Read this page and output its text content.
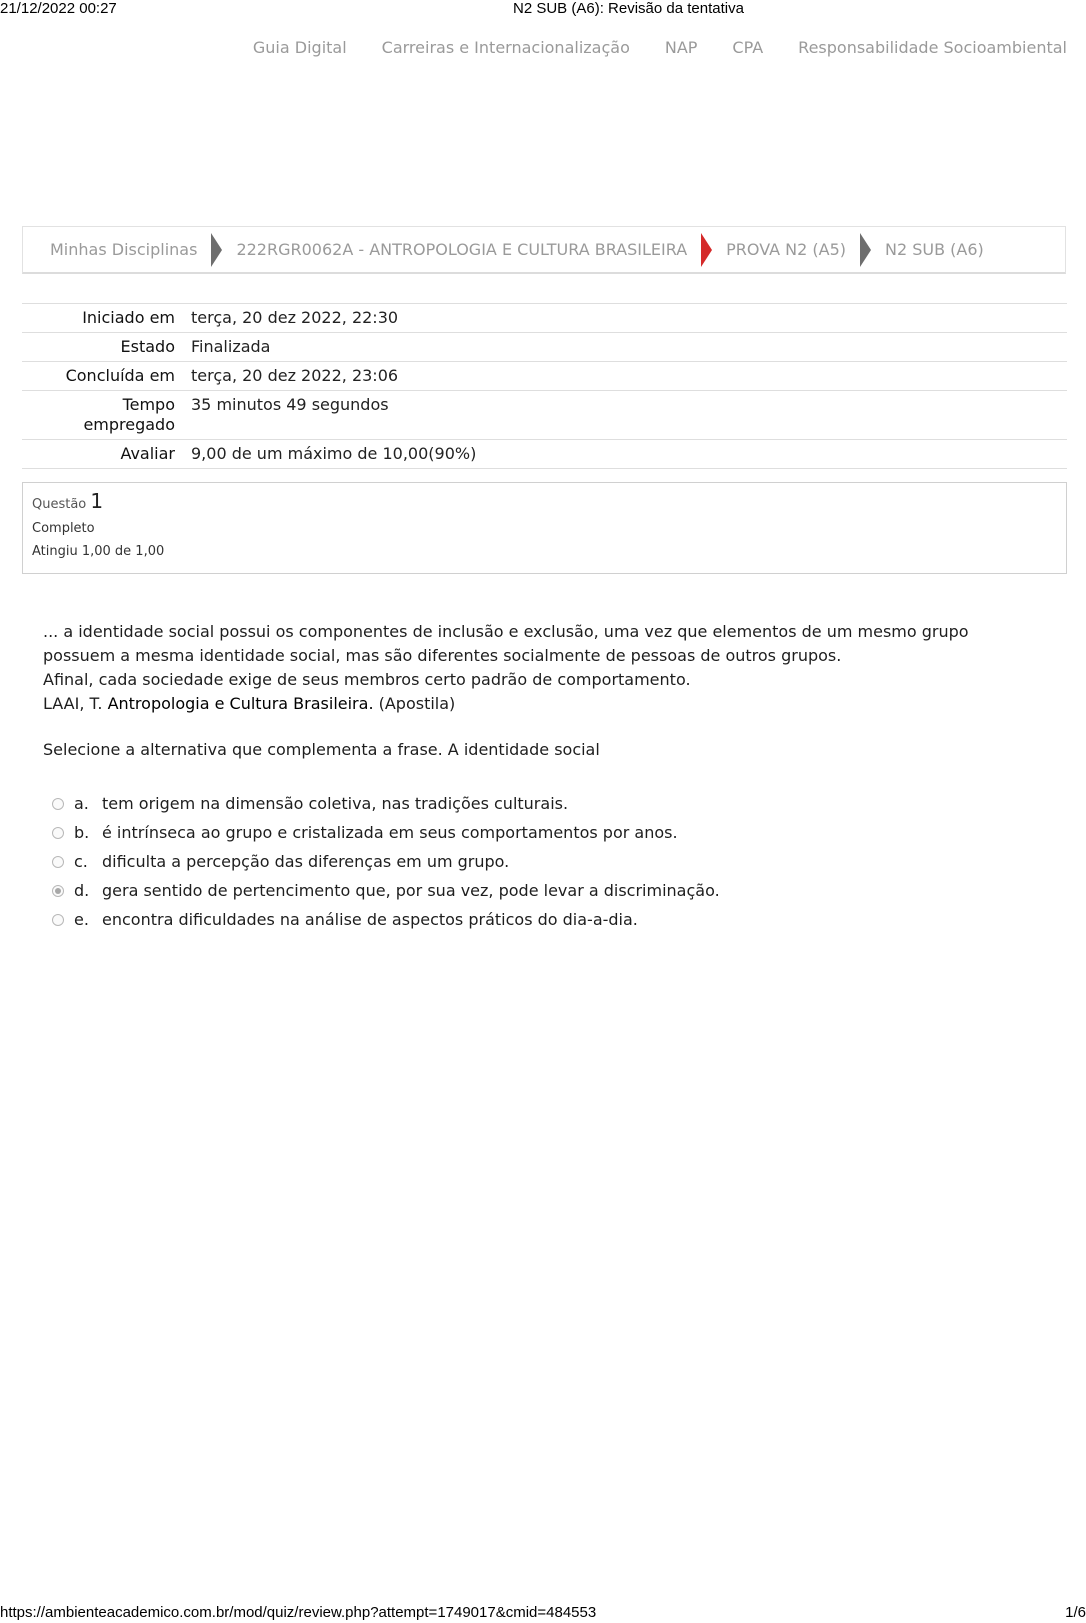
21/12/2022 00:27	N2 SUB (A6): Revisão da tentativa
Guia Digital Carreiras e Internacionalização NAP CPA Responsabilidade Socioambiental
Minhas Disciplinas	222RGR0062A - ANTROPOLOGIA E CULTURA BRASILEIRA	PROVA N2 (A5)	N2 SUB (A6)
Iniciado em	terça, 20 dez 2022, 22:30
Estado	Finalizada
Concluída em	terça, 20 dez 2022, 23:06
Tempo
empregado	35 minutos 49 segundos
Avaliar	9,00 de um máximo de 10,00(90%)
Questão 1
Completo
Atingiu 1,00 de 1,00

... a identidade social possui os componentes de inclusão e exclusão, uma vez que elementos de um mesmo grupo possuem a mesma identidade social, mas são diferentes socialmente de pessoas de outros grupos.

Afinal, cada sociedade exige de seus membros certo padrão de comportamento.

LAAI, T. Antropologia e Cultura Brasileira. (Apostila)

Selecione a alternativa que complementa a frase. A identidade social

a. tem origem na dimensão coletiva, nas tradições culturais.
b. é intrínseca ao grupo e cristalizada em seus comportamentos por anos.
c. dificulta a percepção das diferenças em um grupo.
d. gera sentido de pertencimento que, por sua vez, pode levar a discriminação.
e. encontra dificuldades na análise de aspectos práticos do dia-a-dia.
https://ambienteacademico.com.br/mod/quiz/review.php?attempt=1749017&cmid=484553	1/6
